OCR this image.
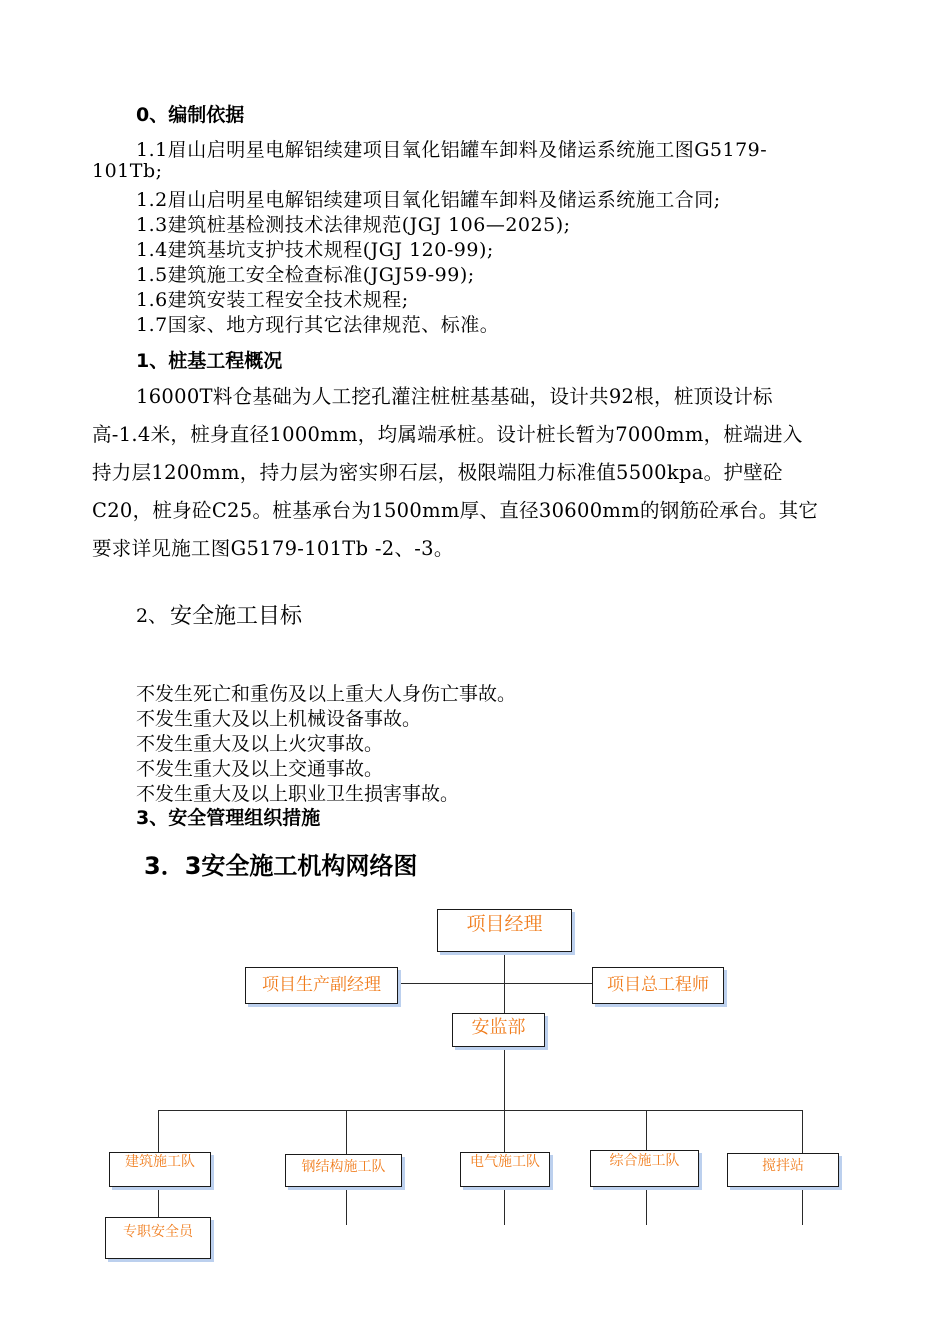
0、编制依据
1.1眉山启明星电解铝续建项目氧化铝罐车卸料及储运系统施工图G5179-
101Tb;
1.2眉山启明星电解铝续建项目氧化铝罐车卸料及储运系统施工合同;
1.3建筑桩基检测技术法律规范(JGJ 106—2025);
1.4建筑基坑支护技术规程(JGJ 120-99);
1.5建筑施工安全检查标准(JGJ59-99);
1.6建筑安装工程安全技术规程;
1.7国家、地方现行其它法律规范、标准。
1、桩基工程概况
16000T料仓基础为人工挖孔灌注桩桩基基础，设计共92根，桩顶设计标
高-1.4米，桩身直径1000mm，均属端承桩。设计桩长暂为7000mm，桩端进入
持力层1200mm，持力层为密实卵石层，极限端阻力标准值5500kpa。护壁砼
C20，桩身砼C25。桩基承台为1500mm厚、直径30600mm的钢筋砼承台。其它
要求详见施工图G5179-101Tb -2、-3。
2、 安全施工目标
不发生死亡和重伤及以上重大人身伤亡事故。
不发生重大及以上机械设备事故。
不发生重大及以上火灾事故。
不发生重大及以上交通事故。
不发生重大及以上职业卫生损害事故。
3、安全管理组织措施
3．3安全施工机构网络图
项目经理
项目生产副经理	项目总工程师
安监部
建筑施工队	钢结构施工队	电气施工队	综合施工队	搅拌站
专职安全员
